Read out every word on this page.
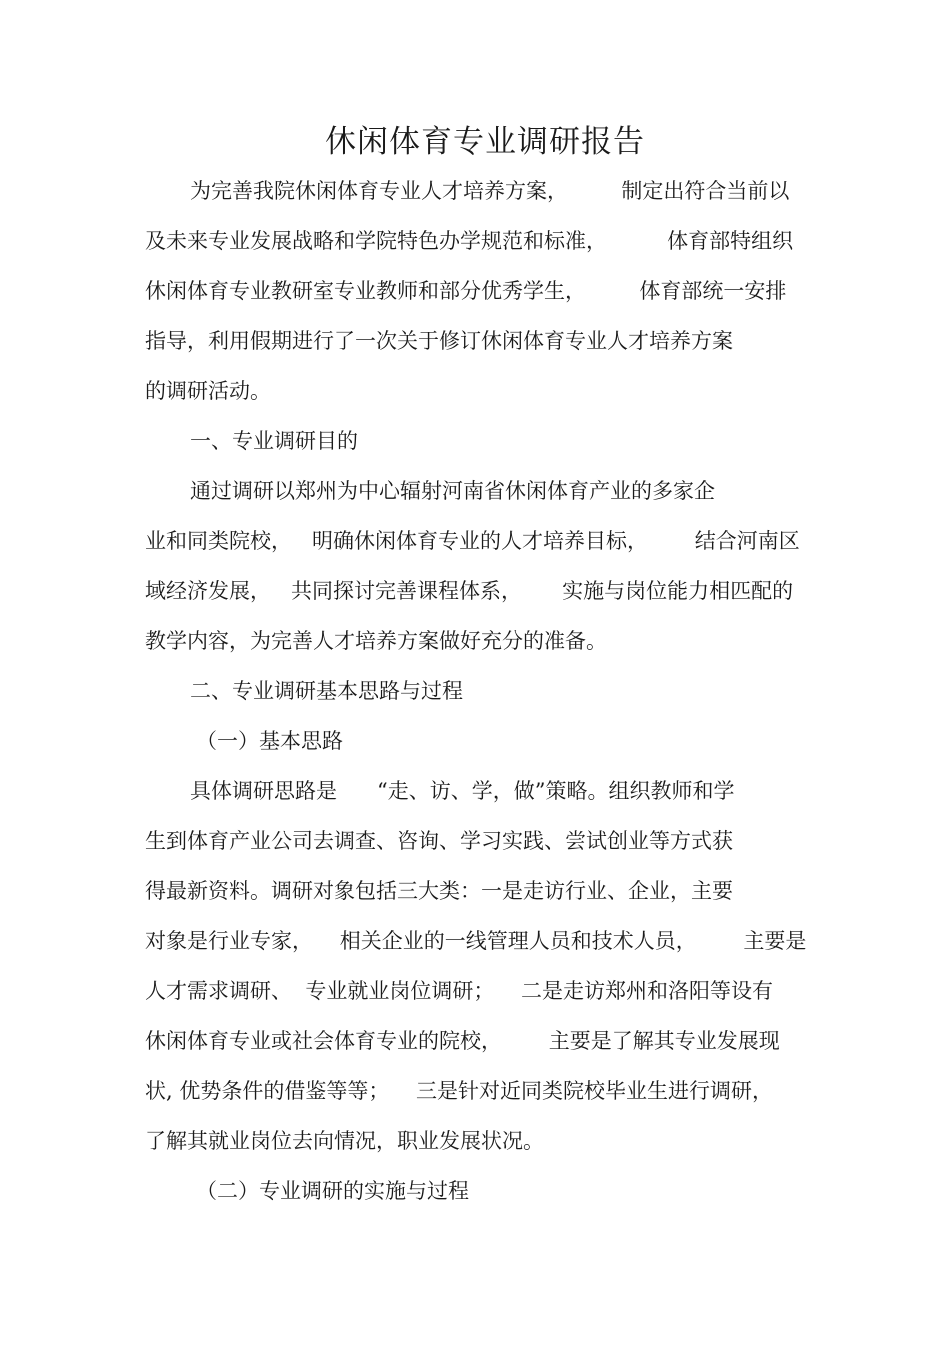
休闲体育专业调研报告

为完善我院休闲体育专业人才培养方案，        制定出符合当前以

及未来专业发展战略和学院特色办学规范和标准，         体育部特组织

休闲体育专业教研室专业教师和部分优秀学生，        体育部统一安排

指导，利用假期进行了一次关于修订休闲体育专业人才培养方案

的调研活动。

一、专业调研目的

通过调研以郑州为中心辐射河南省休闲体育产业的多家企

业和同类院校，   明确休闲体育专业的人才培养目标，       结合河南区

域经济发展，   共同探讨完善课程体系，      实施与岗位能力相匹配的

教学内容，为完善人才培养方案做好充分的准备。

二、专业调研基本思路与过程

（一）基本思路

具体调研思路是      “走、访、学，做”策略。组织教师和学

生到体育产业公司去调查、咨询、学习实践、尝试创业等方式获

得最新资料。调研对象包括三大类：一是走访行业、企业，主要

对象是行业专家，    相关企业的一线管理人员和技术人员，       主要是

人才需求调研、  专业就业岗位调研；    二是走访郑州和洛阳等设有

休闲体育专业或社会体育专业的院校，       主要是了解其专业发展现

状, 优势条件的借鉴等等；    三是针对近同类院校毕业生进行调研，

了解其就业岗位去向情况，职业发展状况。

（二）专业调研的实施与过程
